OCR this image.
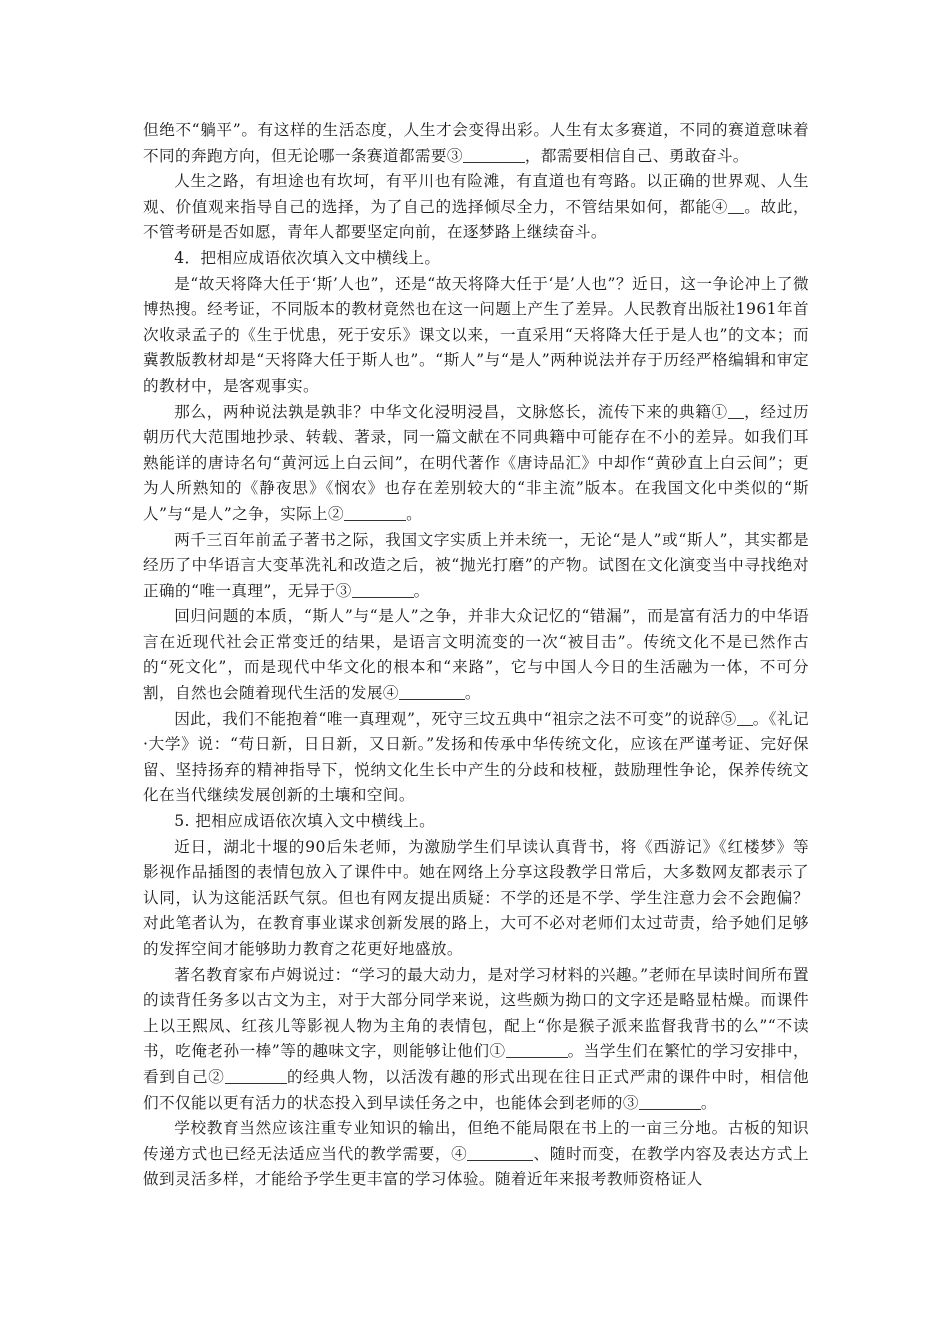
但绝不“躺平”。有这样的生活态度，人生才会变得出彩。人生有太多赛道，不同的赛道意味着不同的奔跑方向，但无论哪一条赛道都需要③	，都需要相信自己、勇敢奋斗。

人生之路，有坦途也有坎坷，有平川也有险滩，有直道也有弯路。以正确的世界观、人生观、价值观来指导自己的选择，为了自己的选择倾尽全力，不管结果如何，都能④ 。故此，不管考研是否如愿，青年人都要坚定向前，在逐梦路上继续奋斗。

4．把相应成语依次填入文中横线上。

是“故天将降大任于‘斯’人也”，还是“故天将降大任于‘是’人也”？近日，这一争论冲上了微博热搜。经考证，不同版本的教材竟然也在这一问题上产生了差异。人民教育出版社1961年首次收录孟子的《生于忧患，死于安乐》课文以来，一直采用“天将降大任于是人也”的文本；而冀教版教材却是“天将降大任于斯人也”。“斯人”与“是人”两种说法并存于历经严格编辑和审定的教材中，是客观事实。

那么，两种说法孰是孰非？中华文化浸明浸昌，文脉悠长，流传下来的典籍① ，经过历朝历代大范围地抄录、转载、著录，同一篇文献在不同典籍中可能存在不小的差异。如我们耳熟能详的唐诗名句“黄河远上白云间”，在明代著作《唐诗品汇》中却作“黄砂直上白云间”；更为人所熟知的《静夜思》《悯农》也存在差别较大的“非主流”版本。在我国文化中类似的“斯人”与“是人”之争，实际上②	。

两千三百年前孟子著书之际，我国文字实质上并未统一，无论“是人”或“斯人”，其实都是经历了中华语言大变革洗礼和改造之后，被“抛光打磨”的产物。试图在文化演变当中寻找绝对正确的“唯一真理”，无异于③	。

回归问题的本质，“斯人”与“是人”之争，并非大众记忆的“错漏”，而是富有活力的中华语言在近现代社会正常变迁的结果，是语言文明流变的一次“被目击”。传统文化不是已然作古的“死文化”，而是现代中华文化的根本和“来路”，它与中国人今日的生活融为一体，不可分割，自然也会随着现代生活的发展④	。

因此，我们不能抱着“唯一真理观”，死守三坟五典中“祖宗之法不可变”的说辞⑤ 。《礼记·大学》说：“苟日新，日日新，又日新。”发扬和传承中华传统文化，应该在严谨考证、完好保留、坚持扬弃的精神指导下，悦纳文化生长中产生的分歧和枝桠，鼓励理性争论，保养传统文化在当代继续发展创新的土壤和空间。

5. 把相应成语依次填入文中横线上。

近日，湖北十堰的90后朱老师，为激励学生们早读认真背书，将《西游记》《红楼梦》等影视作品插图的表情包放入了课件中。她在网络上分享这段教学日常后，大多数网友都表示了认同，认为这能活跃气氛。但也有网友提出质疑：不学的还是不学、学生注意力会不会跑偏？对此笔者认为，在教育事业谋求创新发展的路上，大可不必对老师们太过苛责，给予她们足够的发挥空间才能够助力教育之花更好地盛放。

著名教育家布卢姆说过：“学习的最大动力，是对学习材料的兴趣。”老师在早读时间所布置的读背任务多以古文为主，对于大部分同学来说，这些颇为拗口的文字还是略显枯燥。而课件上以王熙凤、红孩儿等影视人物为主角的表情包，配上“你是猴子派来监督我背书的么”“不读书，吃俺老孙一棒”等的趣味文字，则能够让他们①	。当学生们在繁忙的学习安排中，看到自己②	的经典人物，以活泼有趣的形式出现在往日正式严肃的课件中时，相信他们不仅能以更有活力的状态投入到早读任务之中，也能体会到老师的③	。

学校教育当然应该注重专业知识的输出，但绝不能局限在书上的一亩三分地。古板的知识传递方式也已经无法适应当代的教学需要，④	、随时而变，在教学内容及表达方式上做到灵活多样，才能给予学生更丰富的学习体验。随着近年来报考教师资格证人
